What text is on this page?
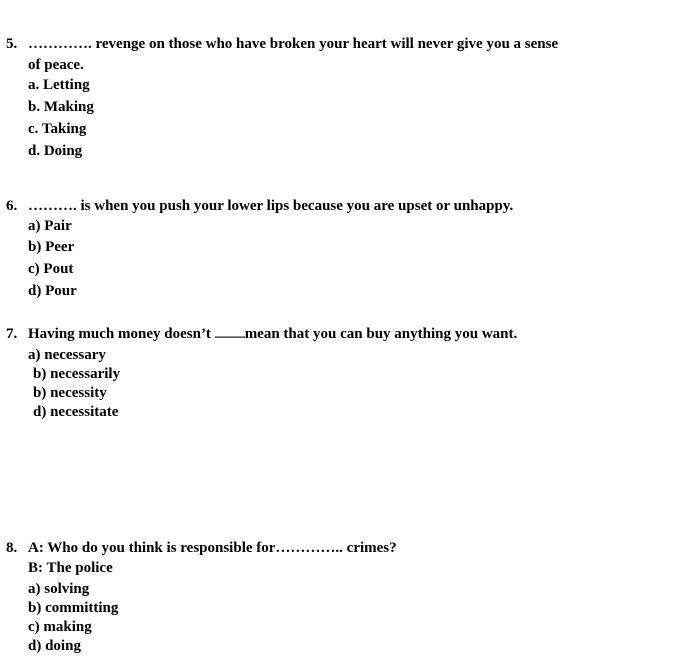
5. …………. revenge on those who have broken your heart will never give you a sense
of peace.
a. Letting
b. Making
c. Taking
d. Doing
6. ………. is when you push your lower lips because you are upset or unhappy.
a) Pair
b) Peer
c) Pout
d) Pour
7. Having much money doesn’t ...............mean that you can buy anything you want.
a) necessary
b) necessarily
b) necessity
d) necessitate
8. A: Who do you think is responsible for………….. crimes?
B: The police
a) solving
b) committing
c) making
d) doing
